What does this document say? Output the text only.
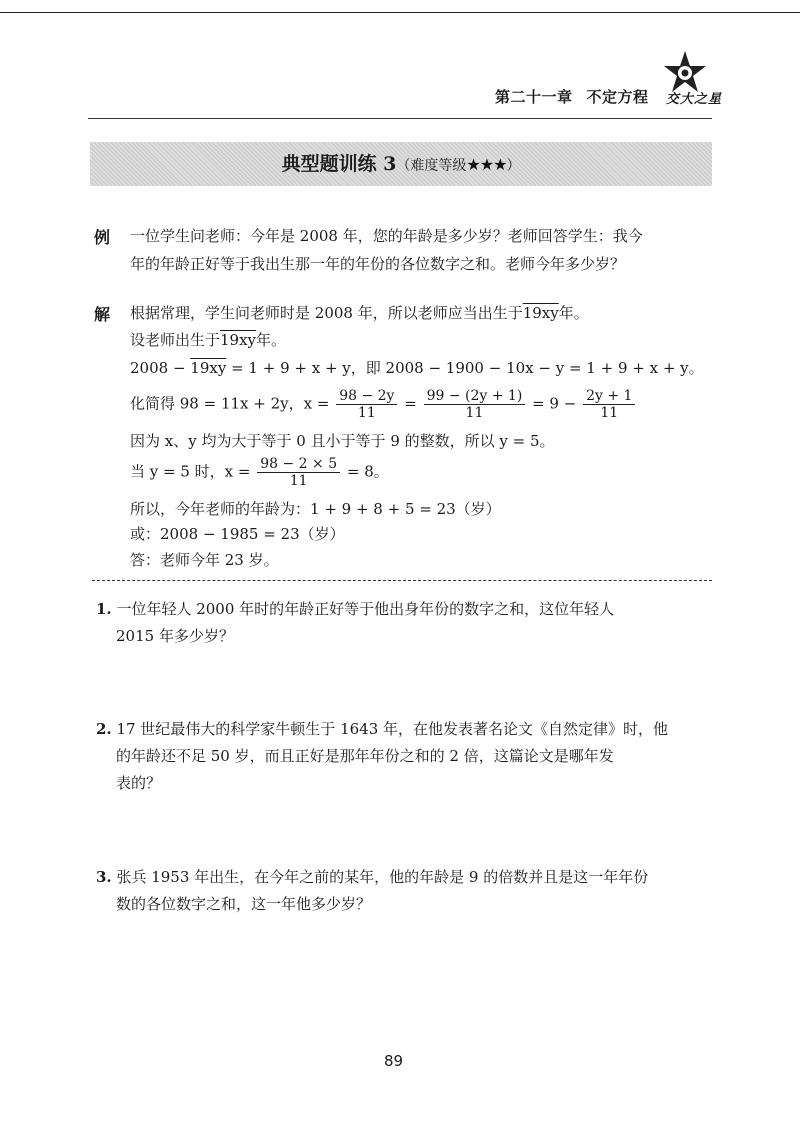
第二十一章 不定方程 交大之星
典型题训练 3（难度等级★★★）
例 一位学生问老师：今年是 2008 年，您的年龄是多少岁？老师回答学生：我今
年的年龄正好等于我出生那一年的年份的各位数字之和。老师今年多少岁？
解 根据常理，学生问老师时是 2008 年，所以老师应当出生于19xy年。
设老师出生于19xy年。
2008 − 19xy = 1 + 9 + x + y，即 2008 − 1900 − 10x − y = 1 + 9 + x + y。
化简得 98 = 11x + 2y，$x = \frac{98 - 2y}{11} = \frac{99 - (2y + 1)}{11} = 9 - \frac{2y + 1}{11}$
因为 x、y 均为大于等于 0 且小于等于 9 的整数，所以 y = 5。
当 y = 5 时，$x = \frac{98 - 2 \times 5}{11} = 8$。
所以，今年老师的年龄为：1 + 9 + 8 + 5 = 23（岁）
或：2008 − 1985 = 23（岁）
答：老师今年 23 岁。
1. 一位年轻人 2000 年时的年龄正好等于他出身年份的数字之和，这位年轻人
2015 年多少岁？
2. 17 世纪最伟大的科学家牛顿生于 1643 年，在他发表著名论文《自然定律》时，他
的年龄还不足 50 岁，而且正好是那年年份之和的 2 倍，这篇论文是哪年发
表的？
3. 张兵 1953 年出生，在今年之前的某年，他的年龄是 9 的倍数并且是这一年年份
数的各位数字之和，这一年他多少岁？
89
